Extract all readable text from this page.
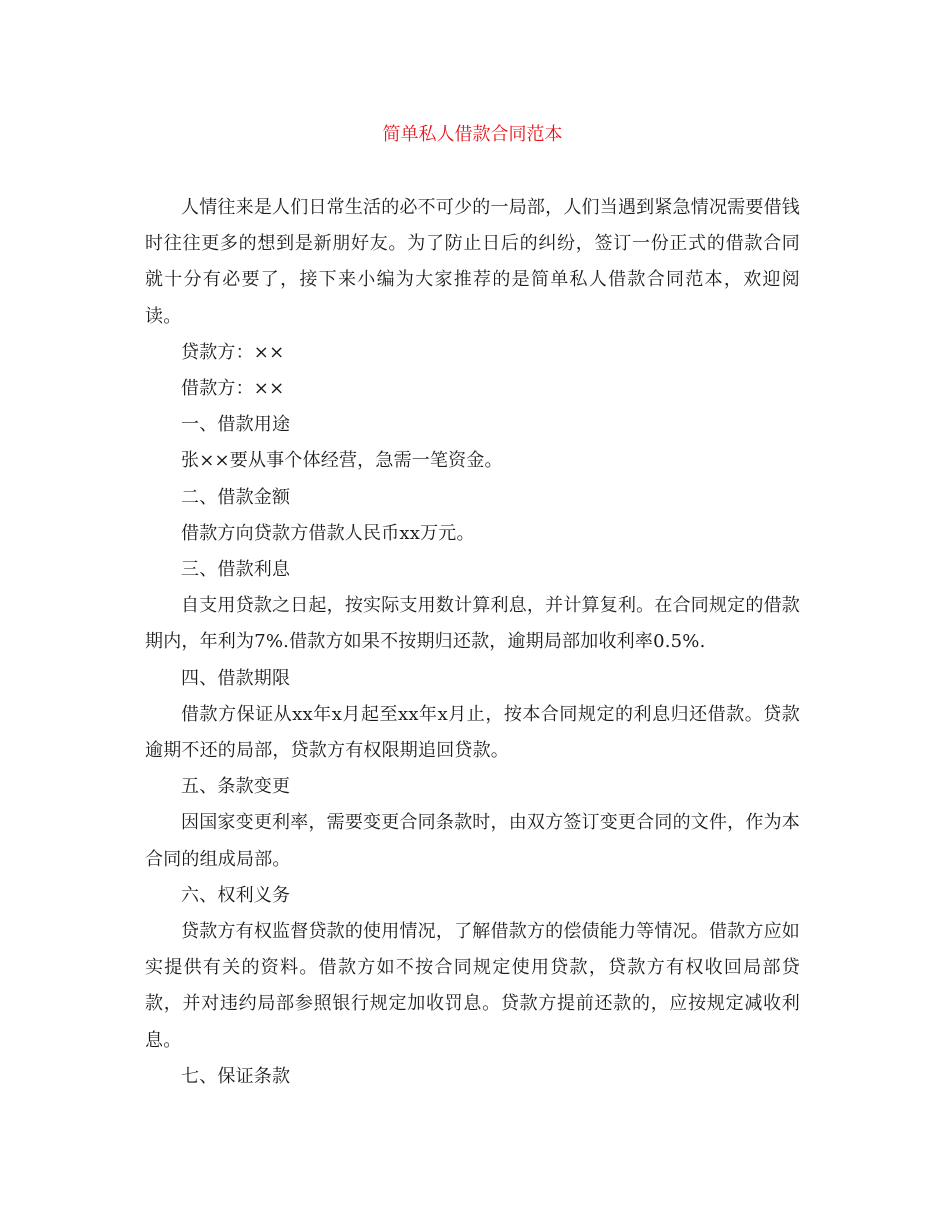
简单私人借款合同范本

人情往来是人们日常生活的必不可少的一局部，人们当遇到紧急情况需要借钱时往往更多的想到是新朋好友。为了防止日后的纠纷，签订一份正式的借款合同就十分有必要了，接下来小编为大家推荐的是简单私人借款合同范本，欢迎阅读。

贷款方：××

借款方：××

一、借款用途

张××要从事个体经营，急需一笔资金。

二、借款金额

借款方向贷款方借款人民币xx万元。

三、借款利息

自支用贷款之日起，按实际支用数计算利息，并计算复利。在合同规定的借款期内，年利为7%.借款方如果不按期归还款，逾期局部加收利率0.5%.

四、借款期限

借款方保证从xx年x月起至xx年x月止，按本合同规定的利息归还借款。贷款逾期不还的局部，贷款方有权限期追回贷款。

五、条款变更

因国家变更利率，需要变更合同条款时，由双方签订变更合同的文件，作为本合同的组成局部。

六、权利义务

贷款方有权监督贷款的使用情况，了解借款方的偿债能力等情况。借款方应如实提供有关的资料。借款方如不按合同规定使用贷款，贷款方有权收回局部贷款，并对违约局部参照银行规定加收罚息。贷款方提前还款的，应按规定减收利息。

七、保证条款
